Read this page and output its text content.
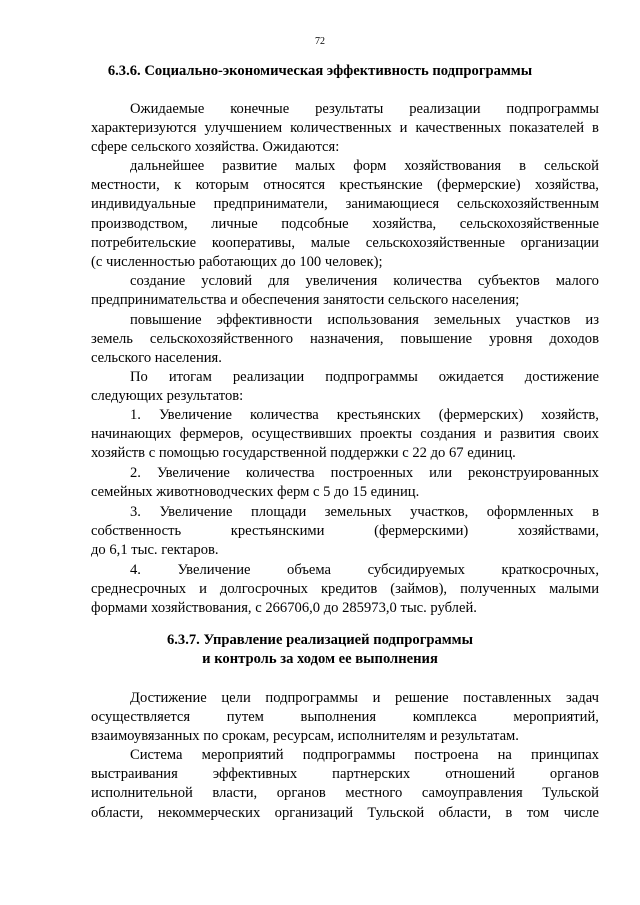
72
6.3.6. Социально-экономическая эффективность подпрограммы
Ожидаемые конечные результаты реализации подпрограммы
характеризуются улучшением количественных и качественных показателей в
сфере сельского хозяйства. Ожидаются:
дальнейшее развитие малых форм хозяйствования в сельской
местности, к которым относятся крестьянские (фермерские) хозяйства,
индивидуальные предприниматели, занимающиеся сельскохозяйственным
производством, личные подсобные хозяйства, сельскохозяйственные
потребительские кооперативы, малые сельскохозяйственные организации
(с численностью работающих до 100 человек);
создание условий для увеличения количества субъектов малого
предпринимательства и обеспечения занятости сельского населения;
повышение эффективности использования земельных участков из
земель сельскохозяйственного назначения, повышение уровня доходов
сельского населения.
По итогам реализации подпрограммы ожидается достижение
следующих результатов:
1. Увеличение количества крестьянских (фермерских) хозяйств,
начинающих фермеров, осуществивших проекты создания и развития своих
хозяйств с помощью государственной поддержки с 22 до 67 единиц.
2. Увеличение количества построенных или реконструированных
семейных животноводческих ферм с 5 до 15 единиц.
3. Увеличение площади земельных участков, оформленных в
собственность	крестьянскими	(фермерскими)	хозяйствами,
до 6,1 тыс. гектаров.
4.	Увеличение	объема	субсидируемых	краткосрочных,
среднесрочных и долгосрочных кредитов (займов), полученных малыми
формами хозяйствования, с 266706,0 до 285973,0 тыс. рублей.
Достижение цели подпрограммы и решение поставленных задач
осуществляется	путем	выполнения	комплекса	мероприятий,
взаимоувязанных по срокам, ресурсам, исполнителям и результатам.
Система мероприятий подпрограммы построена на принципах
выстраивания эффективных партнерских отношений органов
исполнительной власти, органов местного самоуправления Тульской
области, некоммерческих организаций Тульской области, в том числе
6.3.7. Управление реализацией подпрограммы
и контроль за ходом ее выполнения
